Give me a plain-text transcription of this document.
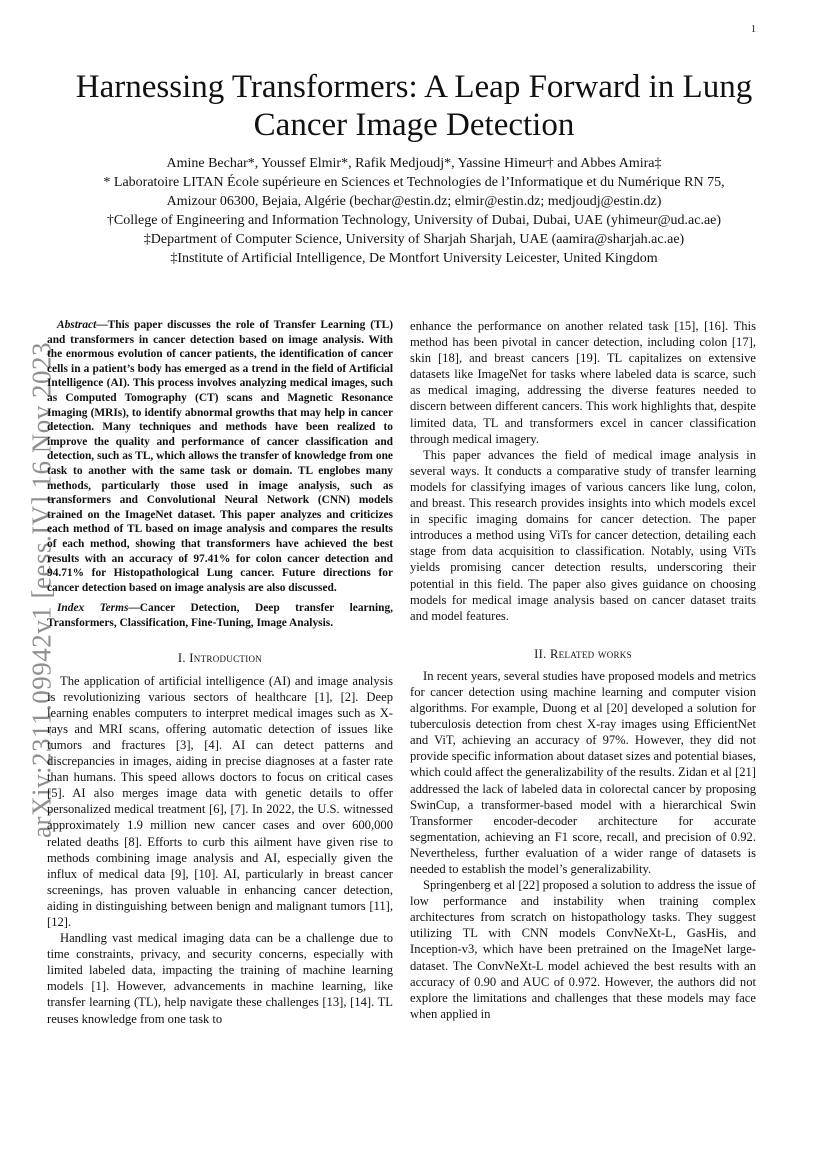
1
arXiv:2311.09942v1 [eess.IV] 16 Nov 2023
Harnessing Transformers: A Leap Forward in Lung Cancer Image Detection
Amine Bechar*, Youssef Elmir*, Rafik Medjoudj*, Yassine Himeur† and Abbes Amira‡
* Laboratoire LITAN École supérieure en Sciences et Technologies de l’Informatique et du Numérique RN 75,
Amizour 06300, Bejaia, Algérie (bechar@estin.dz; elmir@estin.dz; medjoudj@estin.dz)
†College of Engineering and Information Technology, University of Dubai, Dubai, UAE (yhimeur@ud.ac.ae)
‡Department of Computer Science, University of Sharjah Sharjah, UAE (aamira@sharjah.ac.ae)
‡Institute of Artificial Intelligence, De Montfort University Leicester, United Kingdom

Abstract—This paper discusses the role of Transfer Learning (TL) and transformers in cancer detection based on image analysis. With the enormous evolution of cancer patients, the identification of cancer cells in a patient’s body has emerged as a trend in the field of Artificial Intelligence (AI). This process involves analyzing medical images, such as Computed Tomography (CT) scans and Magnetic Resonance Imaging (MRIs), to identify abnormal growths that may help in cancer detection. Many techniques and methods have been realized to improve the quality and performance of cancer classification and detection, such as TL, which allows the transfer of knowledge from one task to another with the same task or domain. TL englobes many methods, particularly those used in image analysis, such as transformers and Convolutional Neural Network (CNN) models trained on the ImageNet dataset. This paper analyzes and criticizes each method of TL based on image analysis and compares the results of each method, showing that transformers have achieved the best results with an accuracy of 97.41% for colon cancer detection and 94.71% for Histopathological Lung cancer. Future directions for cancer detection based on image analysis are also discussed.

Index Terms—Cancer Detection, Deep transfer learning, Transformers, Classification, Fine-Tuning, Image Analysis.

I. Introduction

The application of artificial intelligence (AI) and image analysis is revolutionizing various sectors of healthcare [1], [2]. Deep learning enables computers to interpret medical images such as X-rays and MRI scans, offering automatic detection of issues like tumors and fractures [3], [4]. AI can detect patterns and discrepancies in images, aiding in precise diagnoses at a faster rate than humans. This speed allows doctors to focus on critical cases [5]. AI also merges image data with genetic details to offer personalized medical treatment [6], [7]. In 2022, the U.S. witnessed approximately 1.9 million new cancer cases and over 600,000 related deaths [8]. Efforts to curb this ailment have given rise to methods combining image analysis and AI, especially given the influx of medical data [9], [10]. AI, particularly in breast cancer screenings, has proven valuable in enhancing cancer detection, aiding in distinguishing between benign and malignant tumors [11], [12].

Handling vast medical imaging data can be a challenge due to time constraints, privacy, and security concerns, especially with limited labeled data, impacting the training of machine learning models [1]. However, advancements in machine learning, like transfer learning (TL), help navigate these challenges [13], [14]. TL reuses knowledge from one task to

enhance the performance on another related task [15], [16]. This method has been pivotal in cancer detection, including colon [17], skin [18], and breast cancers [19]. TL capitalizes on extensive datasets like ImageNet for tasks where labeled data is scarce, such as medical imaging, addressing the diverse features needed to discern between different cancers. This work highlights that, despite limited data, TL and transformers excel in cancer classification through medical imagery.

This paper advances the field of medical image analysis in several ways. It conducts a comparative study of transfer learning models for classifying images of various cancers like lung, colon, and breast. This research provides insights into which models excel in specific imaging domains for cancer detection. The paper introduces a method using ViTs for cancer detection, detailing each stage from data acquisition to classification. Notably, using ViTs yields promising cancer detection results, underscoring their potential in this field. The paper also gives guidance on choosing models for medical image analysis based on cancer dataset traits and model features.

II. Related works

In recent years, several studies have proposed models and metrics for cancer detection using machine learning and computer vision algorithms. For example, Duong et al [20] developed a solution for tuberculosis detection from chest X-ray images using EfficientNet and ViT, achieving an accuracy of 97%. However, they did not provide specific information about dataset sizes and potential biases, which could affect the generalizability of the results. Zidan et al [21] addressed the lack of labeled data in colorectal cancer by proposing SwinCup, a transformer-based model with a hierarchical Swin Transformer encoder-decoder architecture for accurate segmentation, achieving an F1 score, recall, and precision of 0.92. Nevertheless, further evaluation of a wider range of datasets is needed to establish the model’s generalizability.

Springenberg et al [22] proposed a solution to address the issue of low performance and instability when training complex architectures from scratch on histopathology tasks. They suggest utilizing TL with CNN models ConvNeXt-L, GasHis, and Inception-v3, which have been pretrained on the ImageNet large-dataset. The ConvNeXt-L model achieved the best results with an accuracy of 0.90 and AUC of 0.972. However, the authors did not explore the limitations and challenges that these models may face when applied in
